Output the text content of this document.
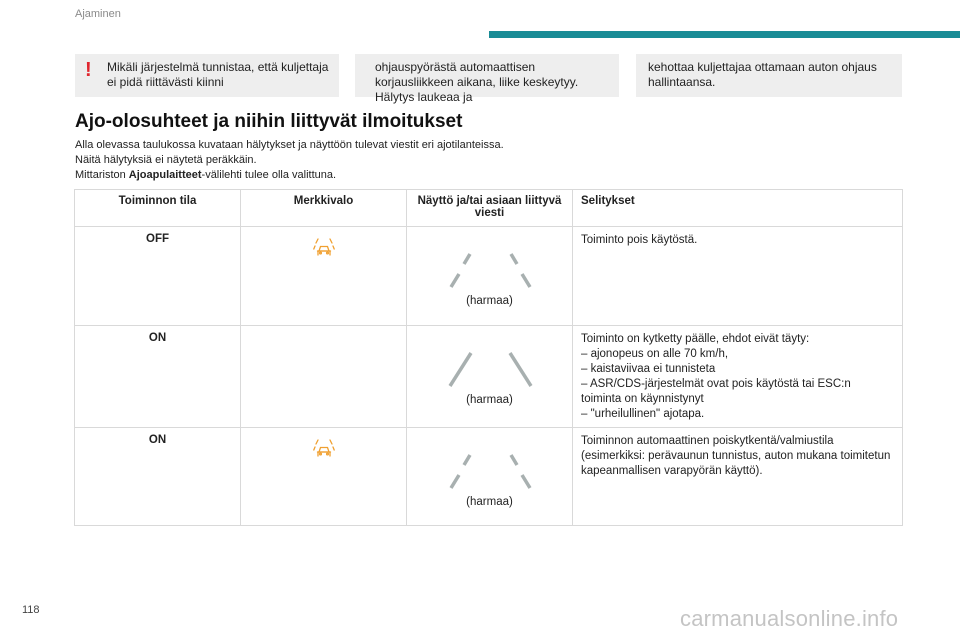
Ajaminen
! Mikäli järjestelmä tunnistaa, että kuljettaja ei pidä riittävästi kiinni
ohjauspyörästä automaattisen korjausliikkeen aikana, liike keskeytyy. Hälytys laukeaa ja
kehottaa kuljettajaa ottamaan auton ohjaus hallintaansa.
Ajo-olosuhteet ja niihin liittyvät ilmoitukset

Alla olevassa taulukossa kuvataan hälytykset ja näyttöön tulevat viestit eri ajotilanteissa.

Näitä hälytyksiä ei näytetä peräkkäin.

Mittariston Ajoapulaitteet-välilehti tulee olla valittuna.

Toiminnon tila	Merkkivalo	Näyttö ja/tai asiaan liittyvä viesti	Selitykset
OFF		(harmaa)	Toiminto pois käytöstä.

ON		(harmaa)	Toiminto on kytketty päälle, ehdot eivät täyty:
– ajonopeus on alle 70 km/h,
– kaistaviivaa ei tunnisteta
– ASR/CDS-järjestelmät ovat pois käytöstä tai ESC:n toiminta on käynnistynyt
– "urheilullinen" ajotapa.

ON		(harmaa)	Toiminnon automaattinen poiskytkentä/valmiustila (esimerkiksi: perävaunun tunnistus, auton mukana toimitetun kapeanmallisen varapyörän käyttö).
118	carmanualsonline.info
